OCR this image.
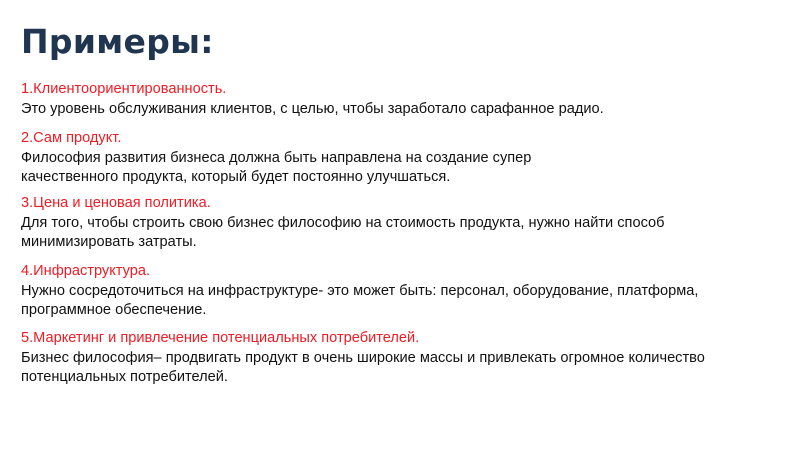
Примеры:
1.Клиентоориентированность.
Это уровень обслуживания клиентов, с целью, чтобы заработало сарафанное радио.
2.Сам продукт.
Философия развития бизнеса должна быть направлена на создание супер
качественного продукта, который будет постоянно улучшаться.
3.Цена и ценовая политика.
Для того, чтобы строить свою бизнес философию на стоимость продукта, нужно найти способ
минимизировать затраты.
4.Инфраструктура.
Нужно сосредоточиться на инфраструктуре- это может быть: персонал, оборудование, платформа,
программное обеспечение.
5.Маркетинг и привлечение потенциальных потребителей.
Бизнес философия– продвигать продукт в очень широкие массы и привлекать огромное количество
потенциальных потребителей.
